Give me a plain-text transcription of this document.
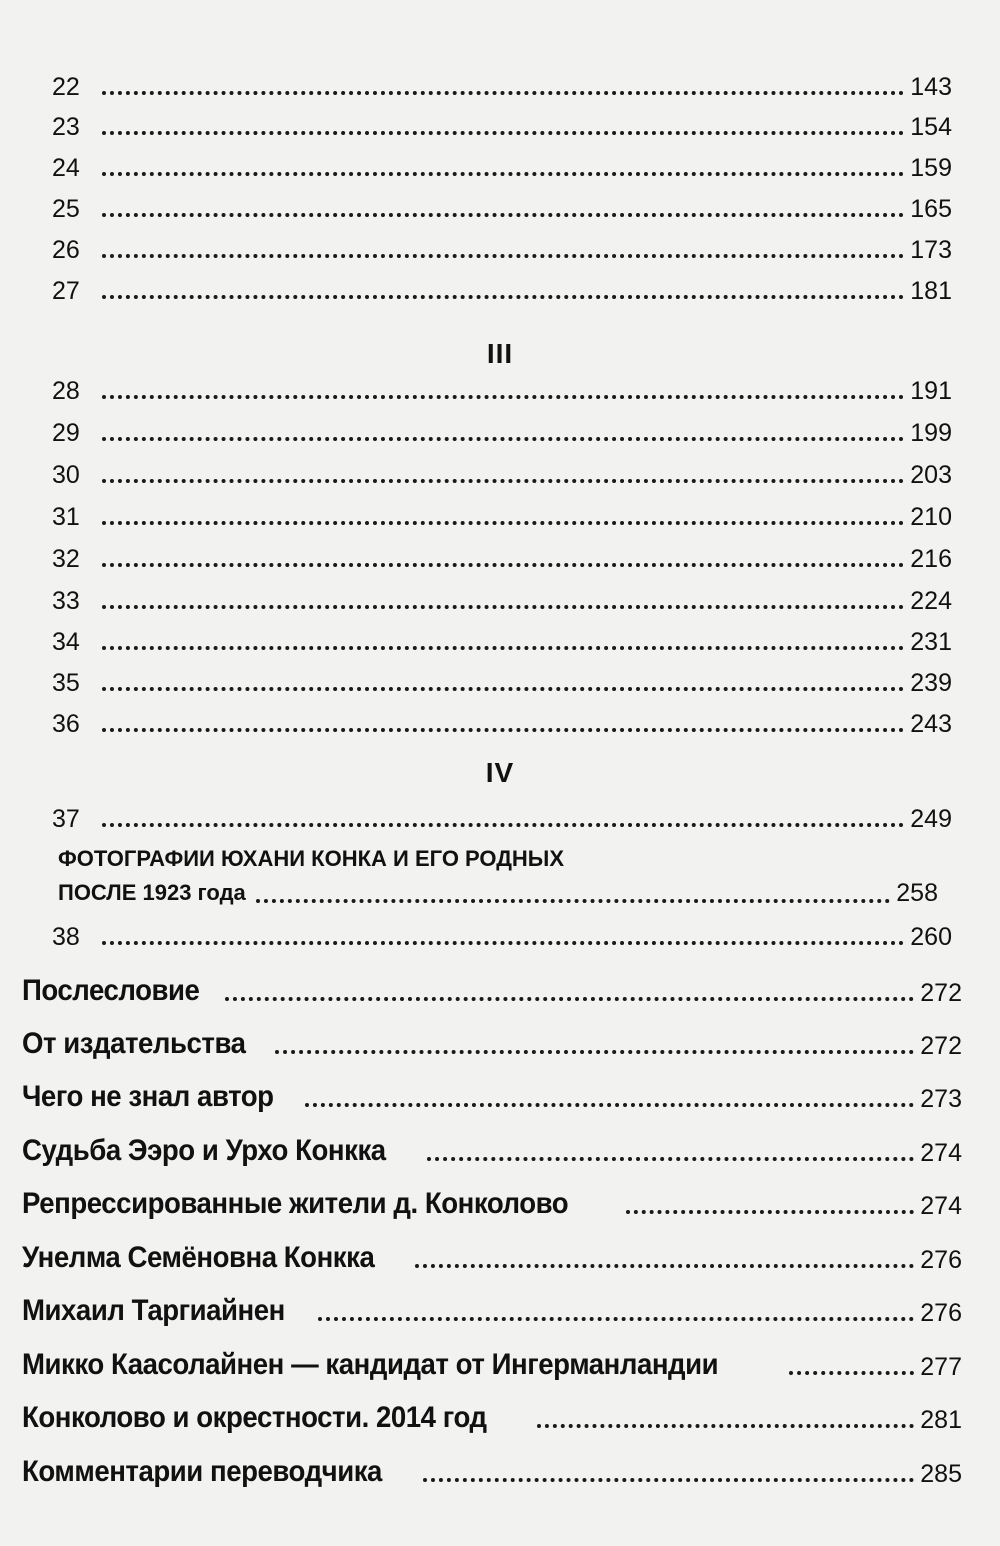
22	143
23	154
24	159
25	165
26	173
27	181
III
28	191
29	199
30	203
31	210
32	216
33	224
34	231
35	239
36	243
IV
37	249
ФОТОГРАФИИ ЮХАНИ КОНКА И ЕГО РОДНЫХ
ПОСЛЕ 1923 года	258
38	260
Послесловие	272
От издательства	272
Чего не знал автор	273
Судьба Ээро и Урхо Конкка	274
Репрессированные жители д. Конколово	274
Унелма Семёновна Конкка	276
Михаил Таргиайнен	276
Микко Каасолайнен — кандидат от Ингерманландии	277
Конколово и окрестности. 2014 год	281
Комментарии переводчика	285
